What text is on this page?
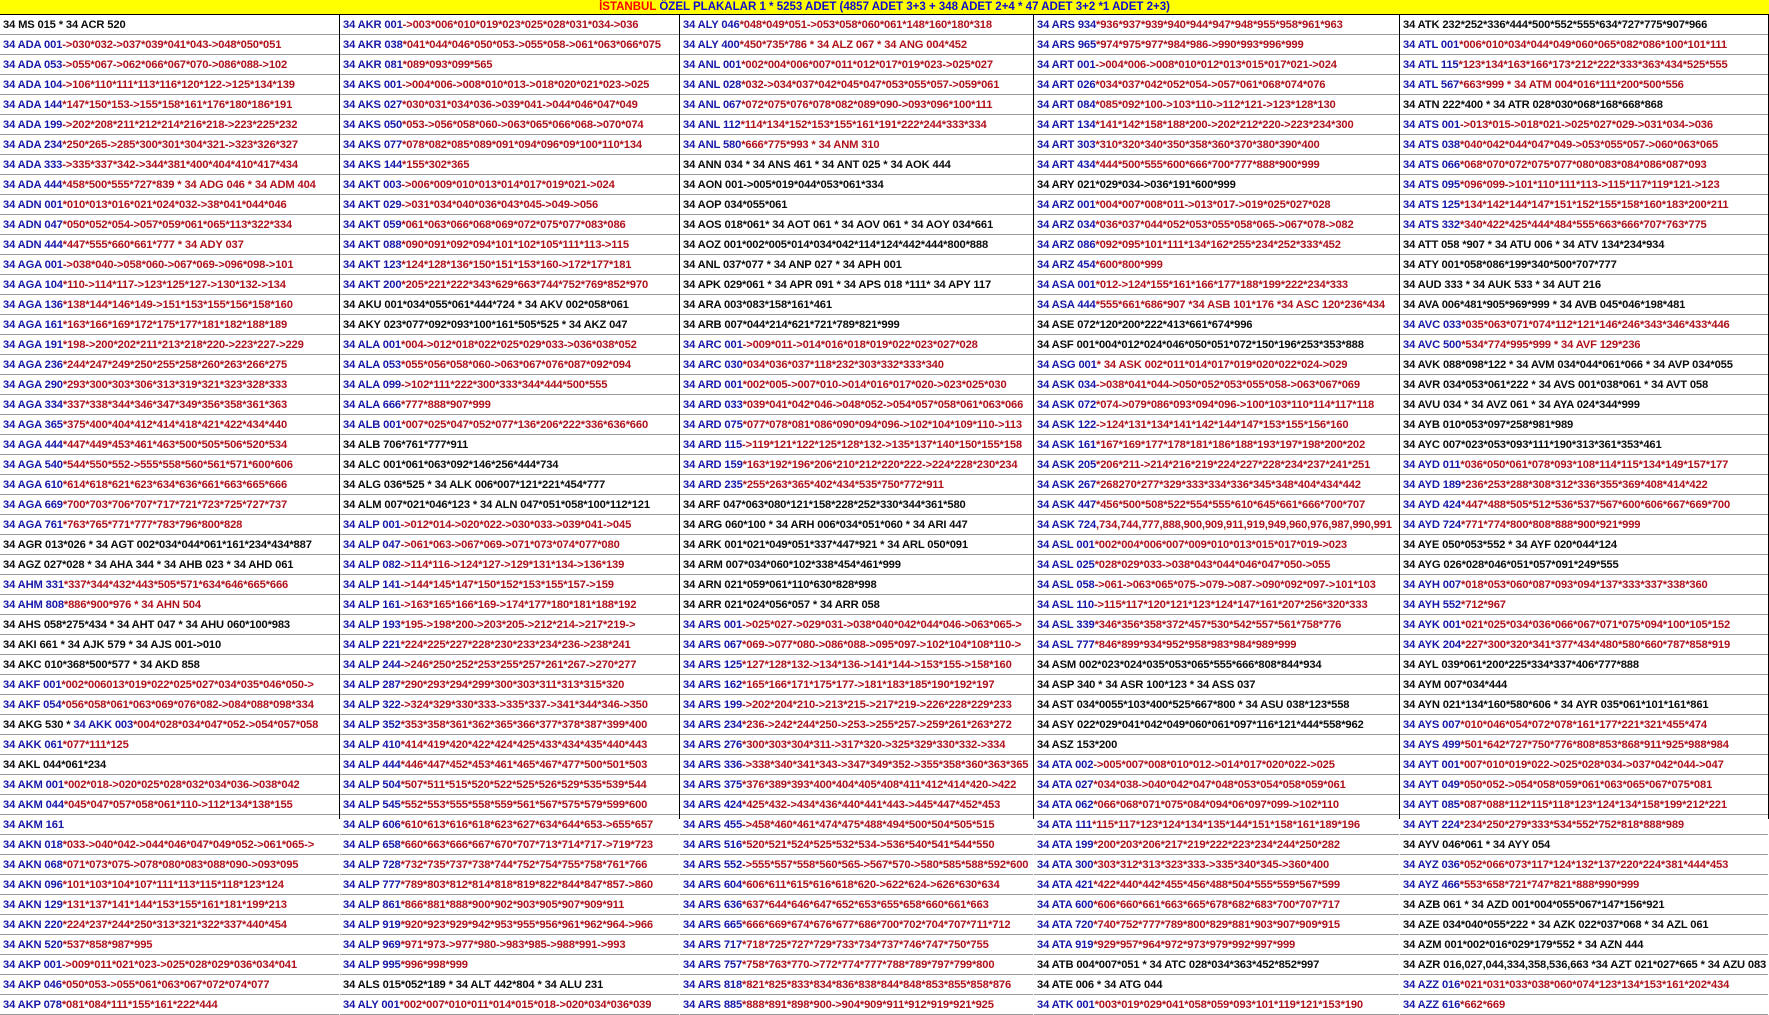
İSTANBUL ÖZEL PLAKALAR 1 * 5253 ADET (4857 ADET 3+3 + 348 ADET 2+4 * 47 ADET 3+2 *1 ADET 2+3)
34 MS 015 * 34 ACR 520
34 ADA 001->030*032->037*039*041*043->048*050*051
34 ADA 053->055*067->062*066*067*070->086*088->102
34 ADA 104->106*110*111*113*116*120*122->125*134*139
34 ADA 144*147*150*153->155*158*161*176*180*186*191
34 ADA 199->202*208*211*212*214*216*218->223*225*232
34 ADA 234*250*265->285*300*301*304*321->323*326*327
34 ADA 333->335*337*342->344*381*400*404*410*417*434
34 ADA 444*458*500*555*727*839 * 34 ADG 046 * 34 ADM 404
34 ADN 001*010*013*016*021*024*032->38*041*044*046
34 ADN 047*050*052*054->057*059*061*065*113*322*334
34 ADN 444*447*555*660*661*777 * 34 ADY 037
34 AGA 001->038*040->058*060->067*069->096*098->101
34 AGA 104*110->114*117->123*125*127->130*132->134
34 AGA 136*138*144*146*149->151*153*155*156*158*160
34 AGA 161*163*166*169*172*175*177*181*182*188*189
34 AGA 191*198->200*202*211*213*218*220->223*227->229
34 AGA 236*244*247*249*250*255*258*260*263*266*275
34 AGA 290*293*300*303*306*313*319*321*323*328*333
34 AGA 334*337*338*344*346*347*349*356*358*361*363
34 AGA 365*375*400*404*412*414*418*421*422*434*440
34 AGA 444*447*449*453*461*463*500*505*506*520*534
34 AGA 540*544*550*552->555*558*560*561*571*600*606
34 AGA 610*614*618*621*623*634*636*661*663*665*666
34 AGA 669*700*703*706*707*717*721*723*725*727*737
34 AGA 761*763*765*771*777*783*796*800*828
34 AGR 013*026 * 34 AGT 002*034*044*061*161*234*434*887
34 AGZ 027*028 * 34 AHA 344 * 34 AHB 023 * 34 AHD 061
34 AHM 331*337*344*432*443*505*571*634*646*665*666
34 AHM 808*886*900*976 * 34 AHN 504
34 AHS 058*275*434 * 34 AHT 047 * 34 AHU 060*100*983
34 AKI 661 * 34 AJK 579 * 34 AJS 001->010
34 AKC 010*368*500*577 * 34 AKD 858
34 AKF 001*002*006013*019*022*025*027*034*035*046*050->
34 AKF 054*056*058*061*063*069*076*082->084*088*098*334
34 AKG 530 * 34 AKK 003*004*028*034*047*052->054*057*058
34 AKK 061*077*111*125
34 AKL 044*061*234
34 AKM 001*002*018->020*025*028*032*034*036->038*042
34 AKM 044*045*047*057*058*061*110->112*134*138*155
34 AKM 161
34 AKN 018*033->040*042->044*046*047*049*052->061*065->
34 AKN 068*071*073*075->078*080*083*088*090->093*095
34 AKN 096*101*103*104*107*111*113*115*118*123*124
34 AKN 129*131*137*141*144*153*155*161*181*199*213
34 AKN 220*224*237*244*250*313*321*322*337*440*454
34 AKN 520*537*858*987*995
34 AKP 001->009*011*021*023->025*028*029*036*034*041
34 AKP 046*050*053->055*061*063*067*072*074*077
34 AKP 078*081*084*111*155*161*222*444
34 AKR 001->003*006*010*019*023*025*028*031*034->036
34 AKR 038*041*044*046*050*053->055*058->061*063*066*075
34 AKR 081*089*093*099*565
34 AKS 001->004*006->008*010*013->018*020*021*023->025
34 AKS 027*030*031*034*036->039*041->044*046*047*049
34 AKS 050*053->056*058*060->063*065*066*068->070*074
34 AKS 077*078*082*085*089*091*094*096*09*100*110*134
34 AKS 144*155*302*365
34 AKT 003->006*009*010*013*014*017*019*021->024
34 AKT 029->031*034*040*036*043*045->049->056
34 AKT 059*061*063*066*068*069*072*075*077*083*086
34 AKT 088*090*091*092*094*101*102*105*111*113->115
34 AKT 123*124*128*136*150*151*153*160->172*177*181
34 AKT 200*205*221*222*343*629*663*744*752*769*852*970
34 AKU 001*034*055*061*444*724 * 34 AKV 002*058*061
34 AKY 023*077*092*093*100*161*505*525 * 34 AKZ 047
34 ALA 001*004->012*018*022*025*029*033->036*038*052
34 ALA 053*055*056*058*060->063*067*076*087*092*094
34 ALA 099->102*111*222*300*333*344*444*500*555
34 ALA 666*777*888*907*999
34 ALB 001*007*025*047*052*077*136*206*222*336*636*660
34 ALB 706*761*777*911
34 ALC 001*061*063*092*146*256*444*734
34 ALG 036*525 * 34 ALK 006*007*121*221*454*777
34 ALM 007*021*046*123 * 34 ALN 047*051*058*100*112*121
34 ALP 001->012*014->020*022->030*033->039*041->045
34 ALP 047->061*063->067*069->071*073*074*077*080
34 ALP 082->114*116->124*127->129*131*134->136*139
34 ALP 141->144*145*147*150*152*153*155*157->159
34 ALP 161->163*165*166*169->174*177*180*181*188*192
34 ALP 193*195->198*200->203*205->212*214->217*219->
34 ALP 221*224*225*227*228*230*233*234*236->238*241
34 ALP 244->246*250*252*253*255*257*261*267->270*277
34 ALP 287*290*293*294*299*300*303*311*313*315*320
34 ALP 322->324*329*330*333->335*337->341*344*346->350
34 ALP 352*353*358*361*362*365*366*377*378*387*399*400
34 ALP 410*414*419*420*422*424*425*433*434*435*440*443
34 ALP 444*446*447*452*453*461*465*467*477*500*501*503
34 ALP 504*507*511*515*520*522*525*526*529*535*539*544
34 ALP 545*552*553*555*558*559*561*567*575*579*599*600
34 ALP 606*610*613*616*618*623*627*634*644*653->655*657
34 ALP 658*660*663*666*667*670*707*713*714*717->719*723
34 ALP 728*732*735*737*738*744*752*754*755*758*761*766
34 ALP 777*789*803*812*814*818*819*822*844*847*857->860
34 ALP 861*866*881*888*900*902*903*905*907*909*911
34 ALP 919*920*923*929*942*953*955*956*961*962*964->966
34 ALP 969*971*973->977*980->983*985->988*991->993
34 ALP 995*996*998*999
34 ALS 015*052*189 * 34 ALT 442*804 * 34 ALU 231
34 ALY 001*002*007*010*011*014*015*018->020*034*036*039
34 ALY 046*048*049*051->053*058*060*061*148*160*180*318
34 ALY 400*450*735*786 * 34 ALZ 067 * 34 ANG 004*452
34 ANL 001*002*004*006*007*011*012*017*019*023->025*027
34 ANL 028*032->034*037*042*045*047*053*055*057->059*061
34 ANL 067*072*075*076*078*082*089*090->093*096*100*111
34 ANL 112*114*134*152*153*155*161*191*222*244*333*334
34 ANL 580*666*775*993 * 34 ANM 310
34 ANN 034 * 34 ANS 461 * 34 ANT 025 * 34 AOK 444
34 AON 001->005*019*044*053*061*334
34 AOP 034*055*061
34 AOS 018*061* 34 AOT 061 * 34 AOV 061 * 34 AOY 034*661
34 AOZ 001*002*005*014*034*042*114*124*442*444*800*888
34 ANL 037*077 * 34 ANP 027 * 34 APH 001
34 APK 029*061 * 34 APR 091 * 34 APS 018 *111* 34 APY 117
34 ARA 003*083*158*161*461
34 ARB 007*044*214*621*721*789*821*999
34 ARC 001->009*011->014*016*018*019*022*023*027*028
34 ARC 030*034*036*037*118*232*303*332*333*340
34 ARD 001*002*005->007*010->014*016*017*020->023*025*030
34 ARD 033*039*041*042*046->048*052->054*057*058*061*063*066
34 ARD 075*077*078*081*086*090*094*096->102*104*109*110->113
34 ARD 115->119*121*122*125*128*132->135*137*140*150*155*158
34 ARD 159*163*192*196*206*210*212*220*222->224*228*230*234
34 ARD 235*255*263*365*402*434*535*750*772*911
34 ARF 047*063*080*121*158*228*252*330*344*361*580
34 ARG 060*100 * 34 ARH 006*034*051*060 * 34 ARI 447
34 ARK 001*021*049*051*337*447*921 * 34 ARL 050*091
34 ARM 007*034*060*102*338*454*461*999
34 ARN 021*059*061*110*630*828*998
34 ARR 021*024*056*057 * 34 ARR 058
34 ARS 001->025*027->029*031->038*040*042*044*046->063*065->
34 ARS 067*069->077*080->086*088->095*097->102*104*108*110->
34 ARS 125*127*128*132->134*136->141*144->153*155->158*160
34 ARS 162*165*166*171*175*177->181*183*185*190*192*197
34 ARS 199->202*204*210->213*215->217*219->226*228*229*233
34 ARS 234*236->242*244*250->253->255*257->259*261*263*272
34 ARS 276*300*303*304*311->317*320->325*329*330*332->334
34 ARS 336->338*340*341*343->347*349*352->355*358*360*363*365
34 ARS 375*376*389*393*400*404*405*408*411*412*414*420->422
34 ARS 424*425*432->434*436*440*441*443->445*447*452*453
34 ARS 455->458*460*461*474*475*488*494*500*504*505*515
34 ARS 516*520*521*524*525*532*534->536*540*541*544*550
34 ARS 552->555*557*558*560*565->567*570->580*585*588*592*600
34 ARS 604*606*611*615*616*618*620->622*624->626*630*634
34 ARS 636*637*644*646*647*652*653*655*658*660*661*663
34 ARS 665*666*669*674*676*677*686*700*702*704*707*711*712
34 ARS 717*718*725*727*729*733*734*737*746*747*750*755
34 ARS 757*758*763*770->772*774*777*788*789*797*799*800
34 ARS 818*821*825*833*834*836*838*844*848*853*855*858*876
34 ARS 885*888*891*898*900->904*909*911*912*919*921*925
34 ARS 934*936*937*939*940*944*947*948*955*958*961*963
34 ARS 965*974*975*977*984*986->990*993*996*999
34 ART 001->004*006->008*010*012*013*015*017*021->024
34 ART 026*034*037*042*052*054->057*061*068*074*076
34 ART 084*085*092*100->103*110->112*121->123*128*130
34 ART 134*141*142*158*188*200->202*212*220->223*234*300
34 ART 303*310*320*340*350*358*360*370*380*390*400
34 ART 434*444*500*555*600*666*700*777*888*900*999
34 ARY 021*029*034->036*191*600*999
34 ARZ 001*004*007*008*011->013*017->019*025*027*028
34 ARZ 034*036*037*044*052*053*055*058*065->067*078->082
34 ARZ 086*092*095*101*111*134*162*255*234*252*333*452
34 ARZ 454*600*800*999
34 ASA 001*012->124*155*161*166*177*188*199*222*234*333
34 ASA 444*555*661*686*907 *34 ASB 101*176 *34 ASC 120*236*434
34 ASE 072*120*200*222*413*661*674*996
34 ASF 001*004*012*024*046*050*051*072*150*196*253*353*888
34 ASG 001* 34 ASK 002*011*014*017*019*020*022*024->029
34 ASK 034->038*041*044->050*052*053*055*058->063*067*069
34 ASK 072*074->079*086*093*094*096->100*103*110*114*117*118
34 ASK 122->124*131*134*141*142*144*147*153*155*156*160
34 ASK 161*167*169*177*178*181*186*188*193*197*198*200*202
34 ASK 205*206*211->214*216*219*224*227*228*234*237*241*251
34 ASK 267*268270*277*329*333*334*336*345*348*404*434*442
34 ASK 447*456*500*508*522*554*555*610*645*661*666*700*707
34 ASK 724,734,744,777,888,900,909,911,919,949,960,976,987,990,991
34 ASL 001*002*004*006*007*009*010*013*015*017*019->023
34 ASL 025*028*029*033->038*043*044*046*047*050->055
34 ASL 058->061->063*065*075->079->087->090*092*097->101*103
34 ASL 110->115*117*120*121*123*124*147*161*207*256*320*333
34 ASL 339*346*356*358*372*457*530*542*557*561*758*776
34 ASL 777*846*899*934*952*958*983*984*989*999
34 ASM 002*023*024*035*053*065*555*666*808*844*934
34 ASP 340 * 34 ASR 100*123 * 34 ASS 037
34 AST 034*0055*103*400*525*667*800 * 34 ASU 038*123*558
34 ASY 022*029*041*042*049*060*061*097*116*121*444*558*962
34 ASZ 153*200
34 ATA 002->005*007*008*010*012->014*017*020*022->025
34 ATA 027*034*038->040*042*047*048*053*054*058*059*061
34 ATA 062*066*068*071*075*084*094*06*097*099->102*110
34 ATA 111*115*117*123*124*134*135*144*151*158*161*189*196
34 ATA 199*200*203*206*217*219*222*223*234*244*250*282
34 ATA 300*303*312*313*323*333->335*340*345->360*400
34 ATA 421*422*440*442*455*456*488*504*555*559*567*599
34 ATA 600*606*660*661*663*665*678*682*683*700*707*717
34 ATA 720*740*752*777*789*800*829*881*903*907*909*915
34 ATA 919*929*957*964*972*973*979*992*997*999
34 ATB 004*007*051 * 34 ATC 028*034*363*452*852*997
34 ATE 006 * 34 ATG 044
34 ATK 001*003*019*029*041*058*059*093*101*119*121*153*190
34 ATK 232*252*336*444*500*552*555*634*727*775*907*966
34 ATL 001*006*010*034*044*049*060*065*082*086*100*101*111
34 ATL 115*123*134*163*166*173*212*222*333*363*434*525*555
34 ATL 567*663*999 * 34 ATM 004*016*111*200*500*556
34 ATN 222*400 * 34 ATR 028*030*068*168*668*868
34 ATS 001->013*015->018*021->025*027*029->031*034->036
34 ATS 038*040*042*044*047*049->053*055*057->060*063*065
34 ATS 066*068*070*072*075*077*080*083*084*086*087*093
34 ATS 095*096*099->101*110*111*113->115*117*119*121->123
34 ATS 125*134*142*144*147*151*152*155*158*160*183*200*211
34 ATS 332*340*422*425*444*484*555*663*666*707*763*775
34 ATT 058 *907 * 34 ATU 006 * 34 ATV 134*234*934
34 ATY 001*058*086*199*340*500*707*777
34 AUD 333 * 34 AUK 533 * 34 AUT 216
34 AVA 006*481*905*969*999 * 34 AVB 045*046*198*481
34 AVC 033*035*063*071*074*112*121*146*246*343*346*433*446
34 AVC 500*534*774*995*999 * 34 AVF 129*236
34 AVK 088*098*122 * 34 AVM 034*044*061*066 * 34 AVP 034*055
34 AVR 034*053*061*222 * 34 AVS 001*038*061 * 34 AVT 058
34 AVU 034 * 34 AVZ 061 * 34 AYA 024*344*999
34 AYB 010*053*097*258*981*989
34 AYC 007*023*053*093*111*190*313*361*353*461
34 AYD 011*036*050*061*078*093*108*114*115*134*149*157*177
34 AYD 189*236*253*288*308*312*336*355*369*408*414*422
34 AYD 424*447*488*505*512*536*537*567*600*606*667*669*700
34 AYD 724*771*774*800*808*888*900*921*999
34 AYE 050*053*552 * 34 AYF 020*044*124
34 AYG 026*028*046*051*057*091*249*555
34 AYH 007*018*053*060*087*093*094*137*333*337*338*360
34 AYH 552*712*967
34 AYK 001*021*025*034*036*066*067*071*075*094*100*105*152
34 AYK 204*227*300*320*341*377*434*480*580*660*787*858*919
34 AYL 039*061*200*225*334*337*406*777*888
34 AYM 007*034*444
34 AYN 021*134*160*580*606 * 34 AYR 035*061*101*161*861
34 AYS 007*010*046*054*072*078*161*177*221*321*455*474
34 AYS 499*501*642*727*750*776*808*853*868*911*925*988*984
34 AYT 001*007*010*019*022->025*028*034->037*042*044->047
34 AYT 049*050*052->054*058*059*061*063*065*067*075*081
34 AYT 085*087*088*112*115*118*123*124*134*158*199*212*221
34 AYT 224*234*250*279*333*534*552*752*818*888*989
34 AYV 046*061 * 34 AYY 054
34 AYZ 036*052*066*073*117*124*132*137*220*224*381*444*453
34 AYZ 466*553*658*721*747*821*888*990*999
34 AZB 061 * 34 AZD 001*004*055*067*147*156*921
34 AZE 034*040*055*222 * 34 AZK 022*037*068 * 34 AZL 061
34 AZM 001*002*016*029*179*552 * 34 AZN 444
34 AZR 016,027,044,334,358,536,663 *34 AZT 021*027*665 * 34 AZU 083
34 AZZ 016*021*031*033*038*060*074*123*134*153*161*202*434
34 AZZ 616*662*669
